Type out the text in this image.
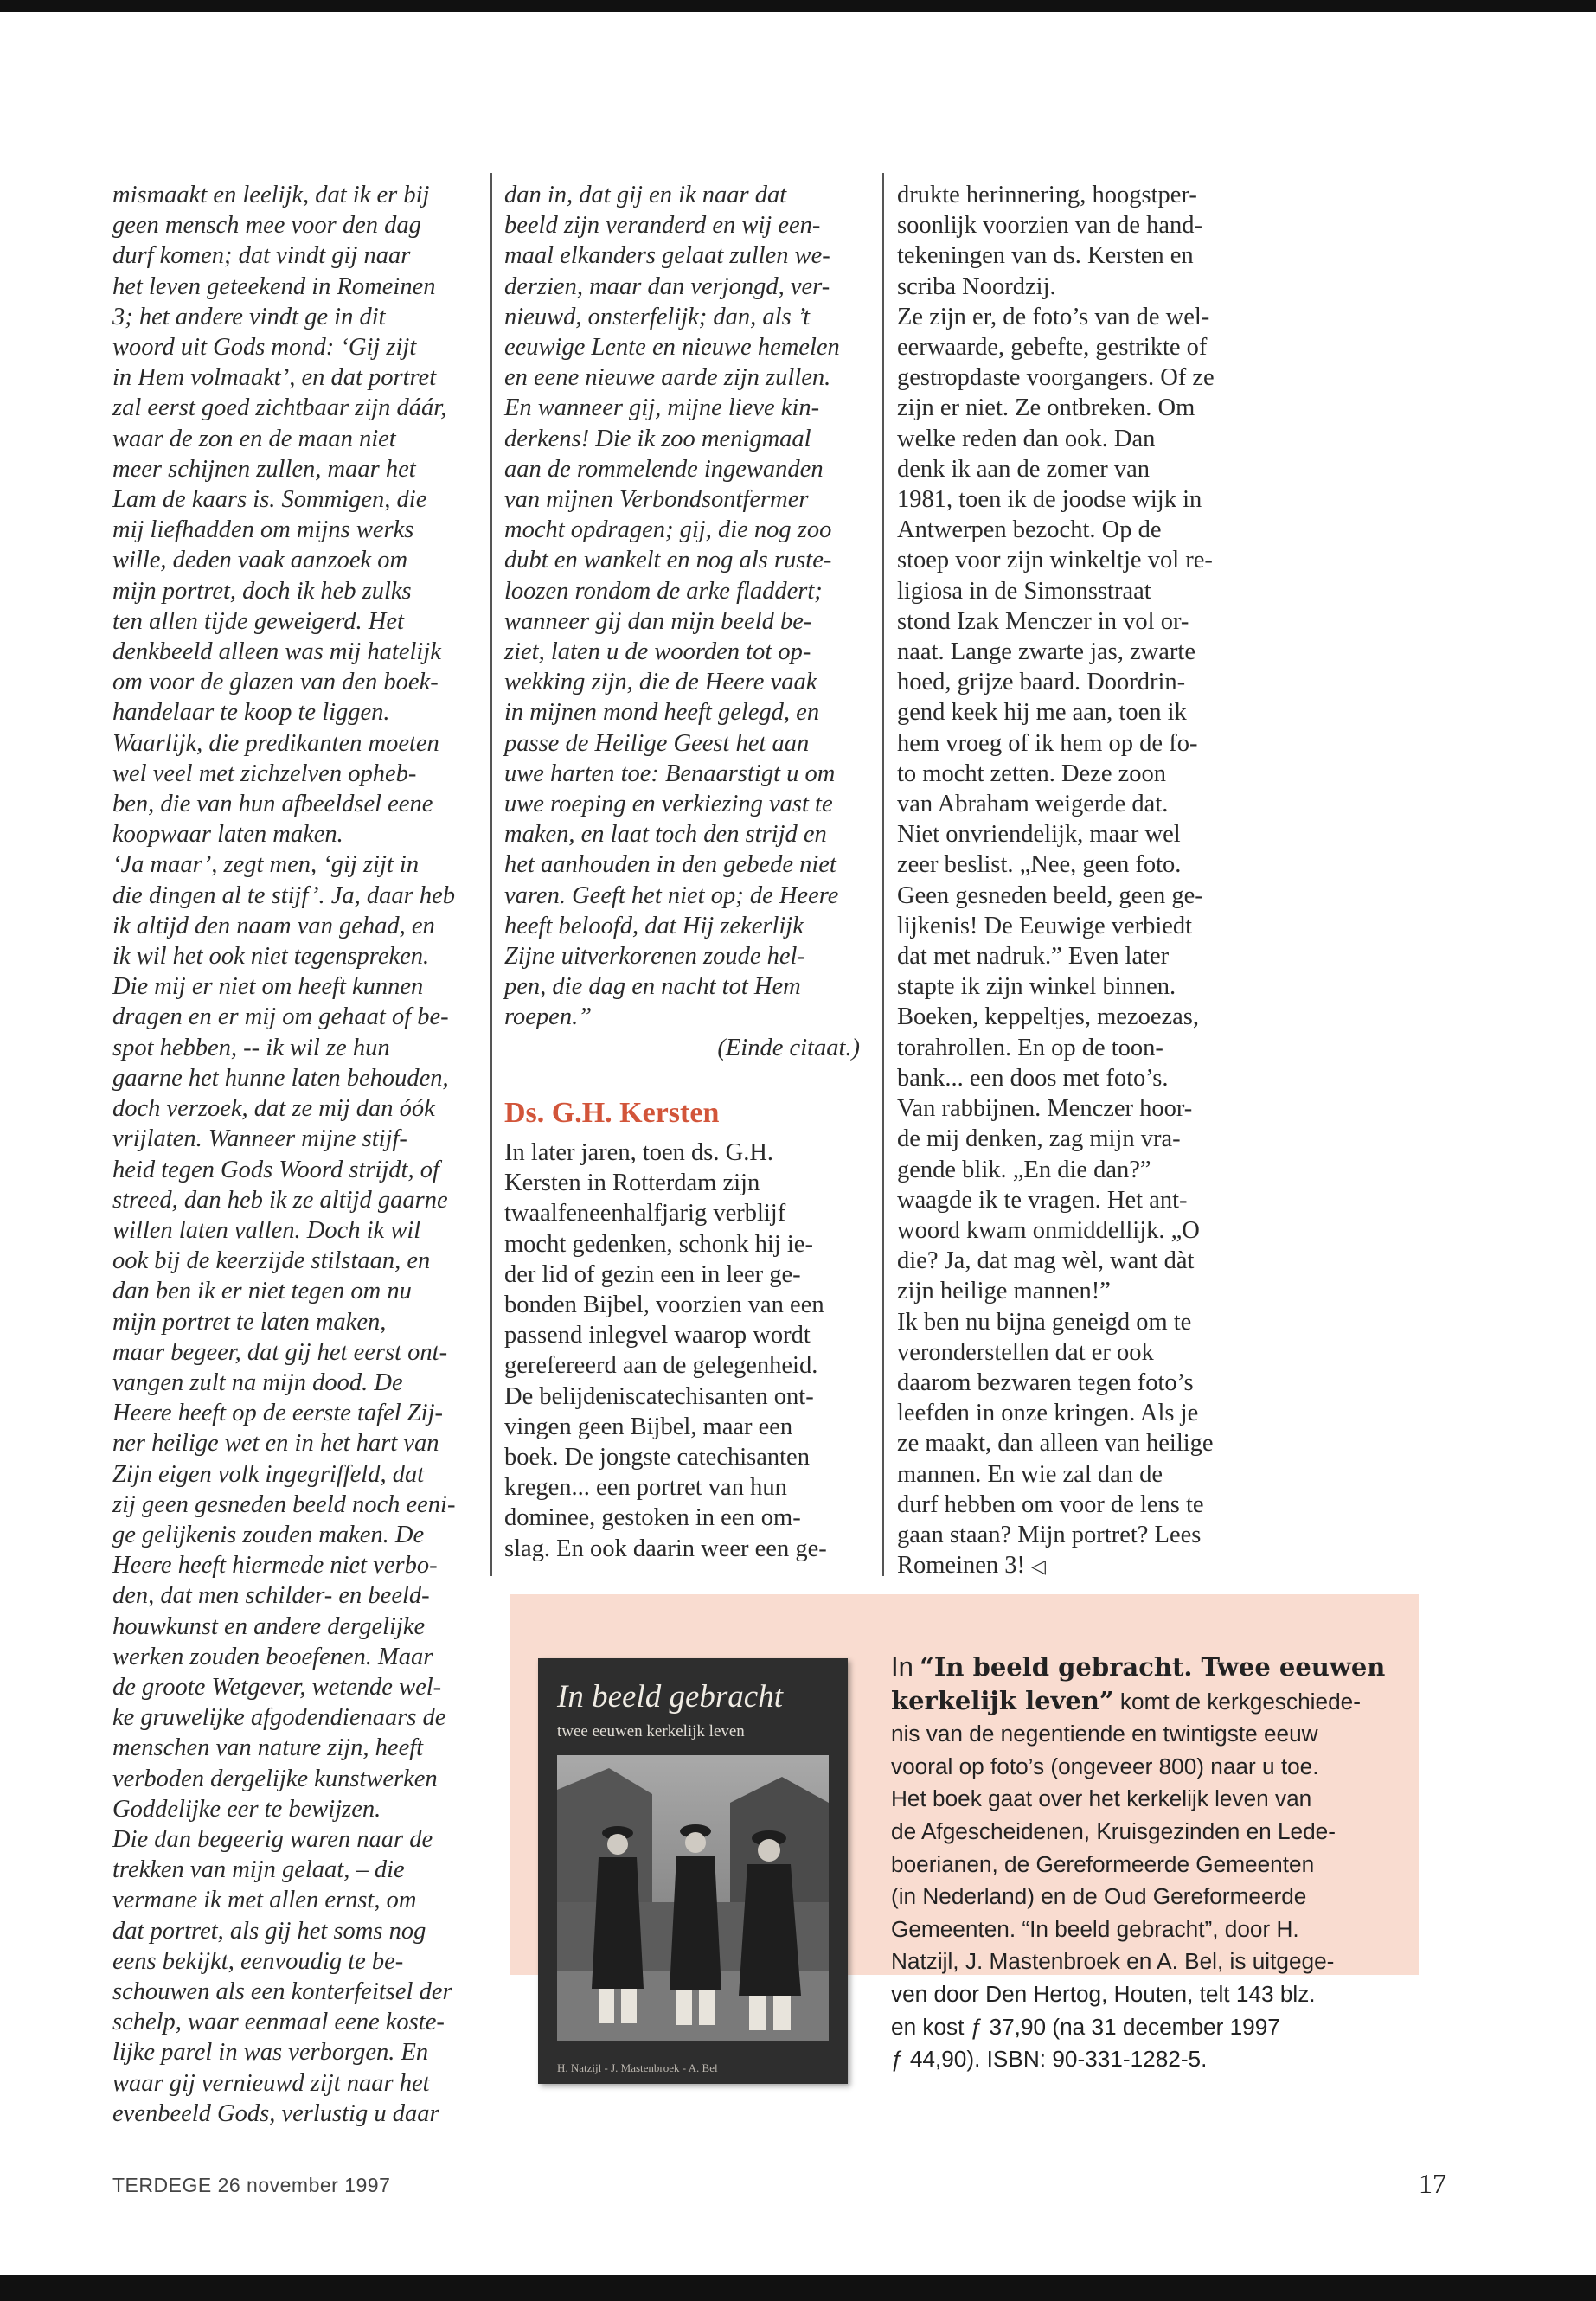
mismaakt en leelijk, dat ik er bij

geen mensch mee voor den dag

durf komen; dat vindt gij naar

het leven geteekend in Romeinen

3; het andere vindt ge in dit

woord uit Gods mond: ‘Gij zijt

in Hem volmaakt’, en dat portret

zal eerst goed zichtbaar zijn dáár,

waar de zon en de maan niet

meer schijnen zullen, maar het

Lam de kaars is. Sommigen, die

mij liefhadden om mijns werks

wille, deden vaak aanzoek om

mijn portret, doch ik heb zulks

ten allen tijde geweigerd. Het

denkbeeld alleen was mij hatelijk

om voor de glazen van den boek-

handelaar te koop te liggen.

Waarlijk, die predikanten moeten

wel veel met zichzelven opheb-

ben, die van hun afbeeldsel eene

koopwaar laten maken.

‘Ja maar’, zegt men, ‘gij zijt in

die dingen al te stijf’. Ja, daar heb

ik altijd den naam van gehad, en

ik wil het ook niet tegenspreken.

Die mij er niet om heeft kunnen

dragen en er mij om gehaat of be-

spot hebben, -- ik wil ze hun

gaarne het hunne laten behouden,

doch verzoek, dat ze mij dan óók

vrijlaten. Wanneer mijne stijf-

heid tegen Gods Woord strijdt, of

streed, dan heb ik ze altijd gaarne

willen laten vallen. Doch ik wil

ook bij de keerzijde stilstaan, en

dan ben ik er niet tegen om nu

mijn portret te laten maken,

maar begeer, dat gij het eerst ont-

vangen zult na mijn dood. De

Heere heeft op de eerste tafel Zij-

ner heilige wet en in het hart van

Zijn eigen volk ingegriffeld, dat

zij geen gesneden beeld noch eeni-

ge gelijkenis zouden maken. De

Heere heeft hiermede niet verbo-

den, dat men schilder- en beeld-

houwkunst en andere dergelijke

werken zouden beoefenen. Maar

de groote Wetgever, wetende wel-

ke gruwelijke afgodendienaars de

menschen van nature zijn, heeft

verboden dergelijke kunstwerken

Goddelijke eer te bewijzen.

Die dan begeerig waren naar de

trekken van mijn gelaat, – die

vermane ik met allen ernst, om

dat portret, als gij het soms nog

eens bekijkt, eenvoudig te be-

schouwen als een konterfeitsel der

schelp, waar eenmaal eene koste-

lijke parel in was verborgen. En

waar gij vernieuwd zijt naar het

evenbeeld Gods, verlustig u daar

dan in, dat gij en ik naar dat

beeld zijn veranderd en wij een-

maal elkanders gelaat zullen we-

derzien, maar dan verjongd, ver-

nieuwd, onsterfelijk; dan, als ’t

eeuwige Lente en nieuwe hemelen

en eene nieuwe aarde zijn zullen.

En wanneer gij, mijne lieve kin-

derkens! Die ik zoo menigmaal

aan de rommelende ingewanden

van mijnen Verbondsontfermer

mocht opdragen; gij, die nog zoo

dubt en wankelt en nog als ruste-

loozen rondom de arke fladdert;

wanneer gij dan mijn beeld be-

ziet, laten u de woorden tot op-

wekking zijn, die de Heere vaak

in mijnen mond heeft gelegd, en

passe de Heilige Geest het aan

uwe harten toe: Benaarstigt u om

uwe roeping en verkiezing vast te

maken, en laat toch den strijd en

het aanhouden in den gebede niet

varen. Geeft het niet op; de Heere

heeft beloofd, dat Hij zekerlijk

Zijne uitverkorenen zoude hel-

pen, die dag en nacht tot Hem

roepen.”

(Einde citaat.)

Ds. G.H. Kersten

In later jaren, toen ds. G.H.

Kersten in Rotterdam zijn

twaalfeneenhalfjarig verblijf

mocht gedenken, schonk hij ie-

der lid of gezin een in leer ge-

bonden Bijbel, voorzien van een

passend inlegvel waarop wordt

gerefereerd aan de gelegenheid.

De belijdeniscatechisanten ont-

vingen geen Bijbel, maar een

boek. De jongste catechisanten

kregen... een portret van hun

dominee, gestoken in een om-

slag. En ook daarin weer een ge-

drukte herinnering, hoogstper-

soonlijk voorzien van de hand-

tekeningen van ds. Kersten en

scriba Noordzij.

Ze zijn er, de foto’s van de wel-

eerwaarde, gebefte, gestrikte of

gestropdaste voorgangers. Of ze

zijn er niet. Ze ontbreken. Om

welke reden dan ook. Dan

denk ik aan de zomer van

1981, toen ik de joodse wijk in

Antwerpen bezocht. Op de

stoep voor zijn winkeltje vol re-

ligiosa in de Simonsstraat

stond Izak Menczer in vol or-

naat. Lange zwarte jas, zwarte

hoed, grijze baard. Doordrin-

gend keek hij me aan, toen ik

hem vroeg of ik hem op de fo-

to mocht zetten. Deze zoon

van Abraham weigerde dat.

Niet onvriendelijk, maar wel

zeer beslist. „Nee, geen foto.

Geen gesneden beeld, geen ge-

lijkenis! De Eeuwige verbiedt

dat met nadruk.” Even later

stapte ik zijn winkel binnen.

Boeken, keppeltjes, mezoezas,

torahrollen. En op de toon-

bank... een doos met foto’s.

Van rabbijnen. Menczer hoor-

de mij denken, zag mijn vra-

gende blik. „En die dan?”

waagde ik te vragen. Het ant-

woord kwam onmiddellijk. „O

die? Ja, dat mag wèl, want dàt

zijn heilige mannen!”

Ik ben nu bijna geneigd om te

veronderstellen dat er ook

daarom bezwaren tegen foto’s

leefden in onze kringen. Als je

ze maakt, dan alleen van heilige

mannen. En wie zal dan de

durf hebben om voor de lens te

gaan staan? Mijn portret? Lees

Romeinen 3! ◁

In beeld gebracht
twee eeuwen kerkelijk leven
H. Natzijl - J. Mastenbroek - A. Bel

In “In beeld gebracht. Twee eeuwen kerkelijk leven” komt de kerkgeschiede-

nis van de negentiende en twintigste eeuw

vooral op foto’s (ongeveer 800) naar u toe.

Het boek gaat over het kerkelijk leven van

de Afgescheidenen, Kruisgezinden en Lede-

boerianen, de Gereformeerde Gemeenten

(in Nederland) en de Oud Gereformeerde

Gemeenten. “In beeld gebracht”, door H.

Natzijl, J. Mastenbroek en A. Bel, is uitgege-

ven door Den Hertog, Houten, telt 143 blz.

en kost ƒ 37,90 (na 31 december 1997

ƒ 44,90). ISBN: 90-331-1282-5.

TERDEGE 26 november 1997	17
